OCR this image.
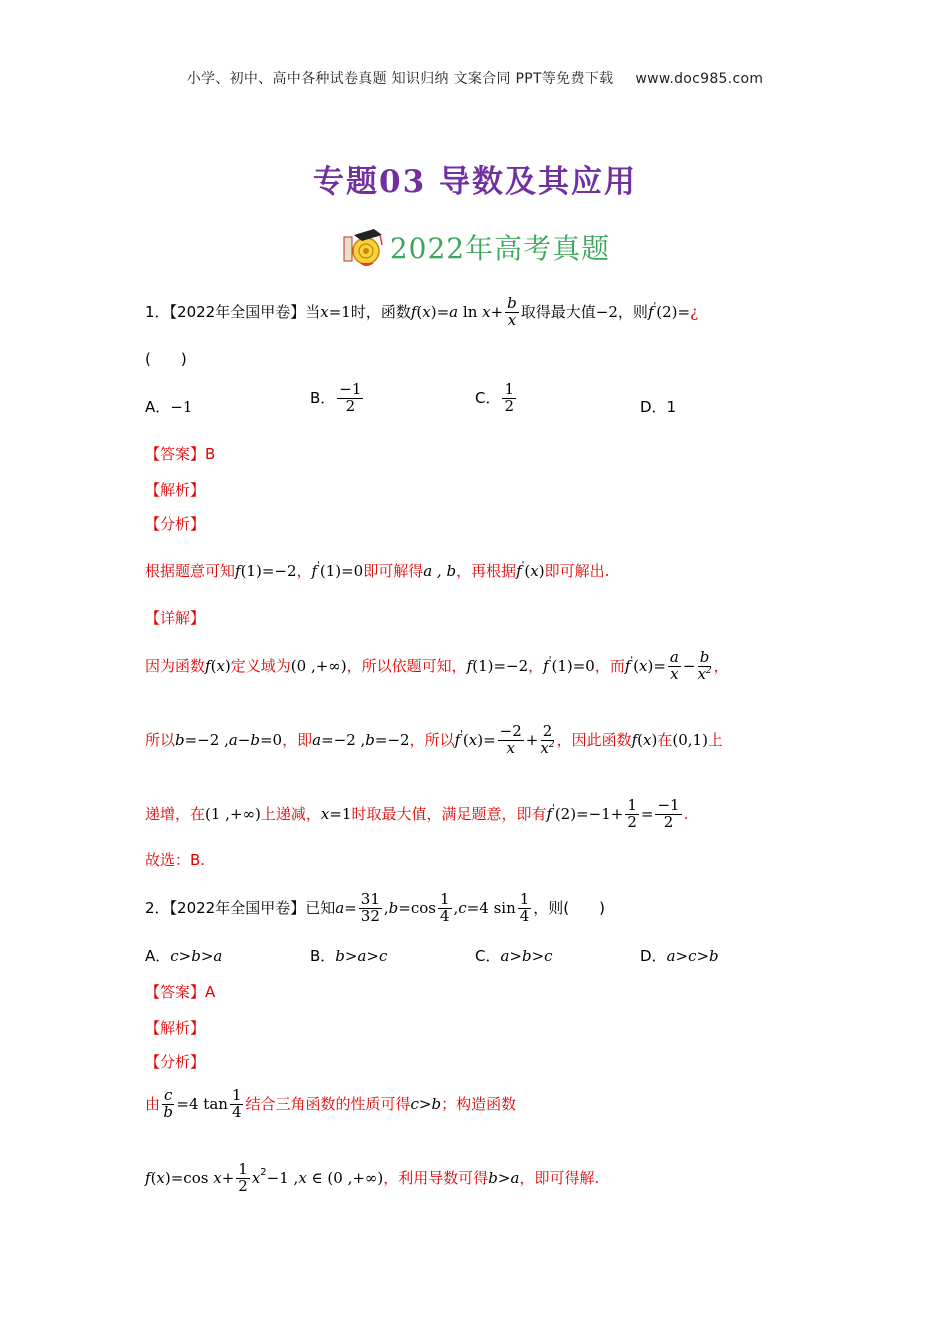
小学、初中、高中各种试卷真题 知识归纳 文案合同 PPT等免费下载 www.doc985.com
专题03 导数及其应用
2022年高考真题
1．【2022年全国甲卷】当x=1时，函数f(x)=a $\ln x+ \frac{b}{x}$ 取得最大值−2，则f'(2)=¿
(　　)
A．−1
B． $\frac{-1}{2}$	C． $\frac{1}{2}$	D．1
【答案】B
【解析】
【分析】
根据题意可知f(1)=−2，f'(1)=0即可解得a , b，再根据f'(x)即可解出.
【详解】
因为函数f(x)定义域为(0 ,+∞)，所以依题可知，f(1)=−2，f'(1)=0，而$f'(x)= \frac{a}{x} - \frac{b}{x^2}$ ，
所以b=−2 ,a−b=0，即a=−2 ,b=−2，所以$f'(x)= \frac{-2}{x} + \frac{2}{x^2}$ ，因此函数f(x)在(0,1)上
递增，在(1 ,+∞)上递减，x=1时取最大值，满足题意，即有$f'(2)=-1+ \frac{1}{2} = \frac{-1}{2}$ .
故选：B.
2．【2022年全国甲卷】已知$a= \frac{31}{32} ,b=\cos \frac{1}{4} ,c=4$ $\sin \frac{1}{4}$ ，则(　　)
A．c>b>a	B．b>a>c	C．a>b>c	D．a>c>b
【答案】A
【解析】
【分析】
由 $\frac{c}{b} =4$ $\tan \frac{1}{4}$ 结合三角函数的性质可得c>b；构造函数
f(x)=cos $x+ \frac{1}{2} x^2-1$ ,x ∈ (0 ,+∞)，利用导数可得b>a，即可得解.
